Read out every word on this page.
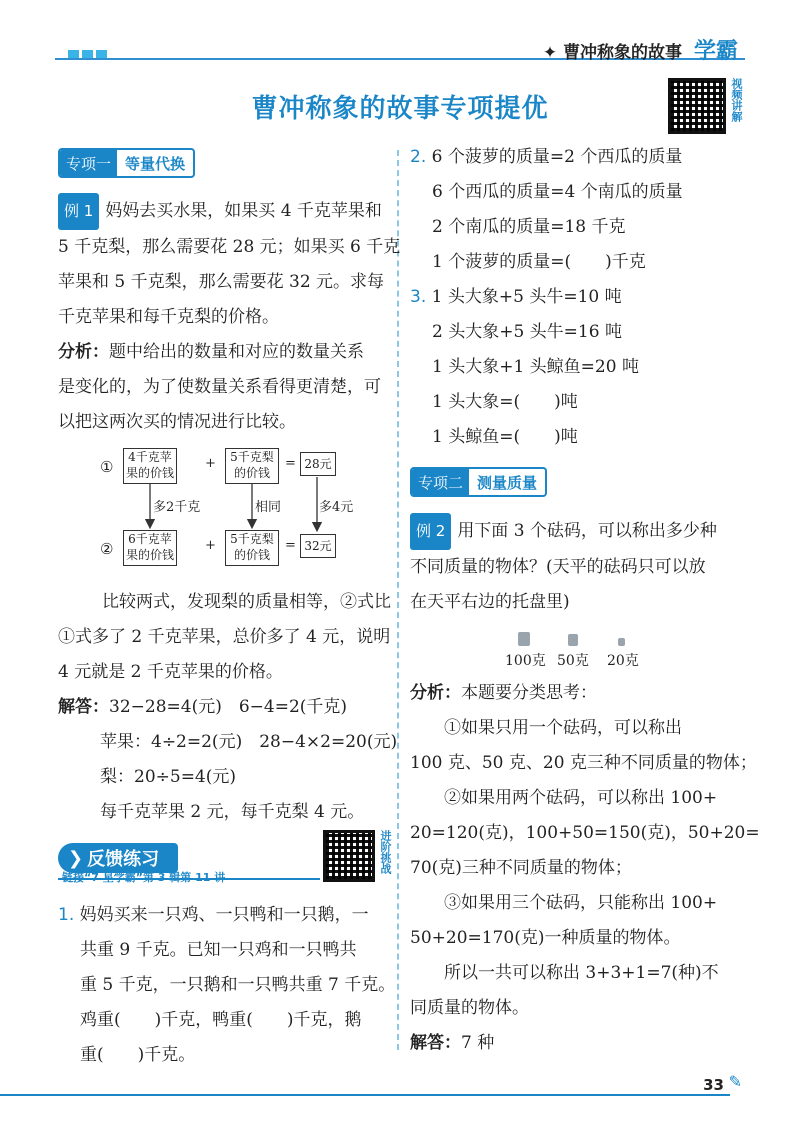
✦ 曹冲称象的故事 学霸
曹冲称象的故事专项提优	视频讲解
专项一 等量代换
例 1 妈妈去买水果，如果买 4 千克苹果和
5 千克梨，那么需要花 28 元；如果买 6 千克
苹果和 5 千克梨，那么需要花 32 元。求每
千克苹果和每千克梨的价格。
分析：题中给出的数量和对应的数量关系
是变化的，为了使数量关系看得更清楚，可
以把这两次买的情况进行比较。
①
4千克苹果的价钱
+	5千克梨的价钱
= 28元
多2千克	相同	多4元
②
6千克苹果的价钱
+	5千克梨的价钱
= 32元
比较两式，发现梨的质量相等，②式比
①式多了 2 千克苹果，总价多了 4 元，说明
4 元就是 2 千克苹果的价格。
解答：32−28=4(元)　6−4=2(千克)
苹果：4÷2=2(元)　28−4×2=20(元)
梨：20÷5=4(元)
每千克苹果 2 元，每千克梨 4 元。
❯ 反馈练习
链接“7 星学霸”第 3 辑第 11 讲
进阶挑战
1. 妈妈买来一只鸡、一只鸭和一只鹅，一
共重 9 千克。已知一只鸡和一只鸭共
重 5 千克，一只鹅和一只鸭共重 7 千克。
鸡重(　　)千克，鸭重(　　)千克，鹅
重(　　)千克。
2. 6 个菠萝的质量=2 个西瓜的质量
6 个西瓜的质量=4 个南瓜的质量
2 个南瓜的质量=18 千克
1 个菠萝的质量=(　　)千克
3. 1 头大象+5 头牛=10 吨
2 头大象+5 头牛=16 吨
1 头大象+1 头鲸鱼=20 吨
1 头大象=(　　)吨
1 头鲸鱼=(　　)吨
专项二 测量质量
例 2 用下面 3 个砝码，可以称出多少种
不同质量的物体？(天平的砝码只可以放
在天平右边的托盘里)
100克 50克 20克
分析：本题要分类思考：
①如果只用一个砝码，可以称出
100 克、50 克、20 克三种不同质量的物体；
②如果用两个砝码，可以称出 100+
20=120(克)，100+50=150(克)，50+20=
70(克)三种不同质量的物体；
③如果用三个砝码，只能称出 100+
50+20=170(克)一种质量的物体。
所以一共可以称出 3+3+1=7(种)不
同质量的物体。
解答：7 种
33 ✎
